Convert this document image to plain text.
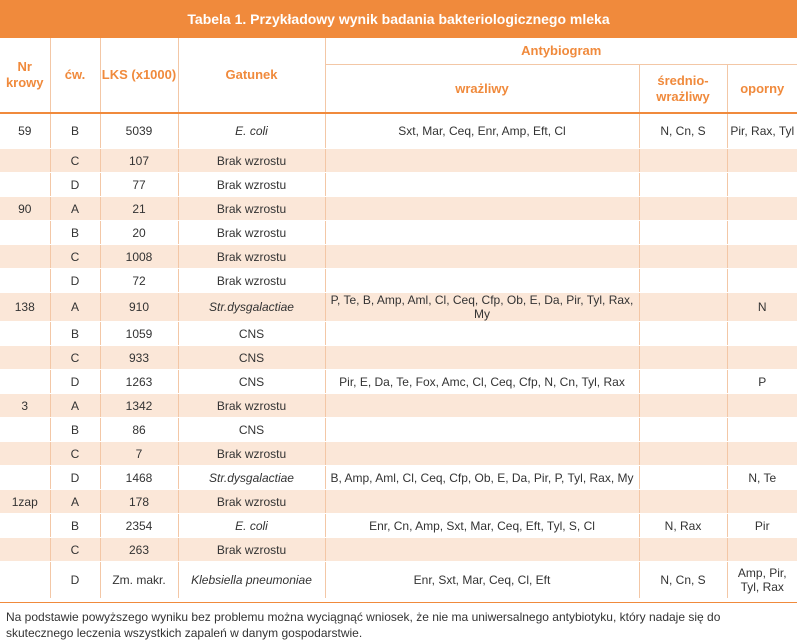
Tabela 1. Przykładowy wynik badania bakteriologicznego mleka
Nr krowy	ćw.	LKS (x1000)	Gatunek	Antybiogram		
				wrażliwy	średnio-wrażliwy	oporny
59	B	5039	E. coli	Sxt, Mar, Ceq, Enr, Amp, Eft, Cl	N, Cn, S	Pir, Rax, Tyl
	C	107	Brak wzrostu			
	D	77	Brak wzrostu			
90	A	21	Brak wzrostu			
	B	20	Brak wzrostu			
	C	1008	Brak wzrostu			
	D	72	Brak wzrostu			
138	A	910	Str.dysgalactiae	P, Te, B, Amp, Aml, Cl, Ceq, Cfp, Ob, E, Da, Pir, Tyl, Rax, My		N
	B	1059	CNS			
	C	933	CNS			
	D	1263	CNS	Pir, E, Da, Te, Fox, Amc, Cl, Ceq, Cfp, N, Cn, Tyl, Rax		P
3	A	1342	Brak wzrostu			
	B	86	CNS			
	C	7	Brak wzrostu			
	D	1468	Str.dysgalactiae	B, Amp, Aml, Cl, Ceq, Cfp, Ob, E, Da, Pir, P, Tyl, Rax, My		N, Te
1zap	A	178	Brak wzrostu			
	B	2354	E. coli	Enr, Cn, Amp, Sxt, Mar, Ceq, Eft, Tyl, S, Cl	N, Rax	Pir
	C	263	Brak wzrostu			
	D	Zm. makr.	Klebsiella pneumoniae	Enr, Sxt, Mar, Ceq, Cl, Eft	N, Cn, S	Amp, Pir, Tyl, Rax
Na podstawie powyższego wyniku bez problemu można wyciągnąć wniosek, że nie ma uniwersalnego antybiotyku, który nadaje się do skutecznego leczenia wszystkich zapaleń w danym gospodarstwie.
